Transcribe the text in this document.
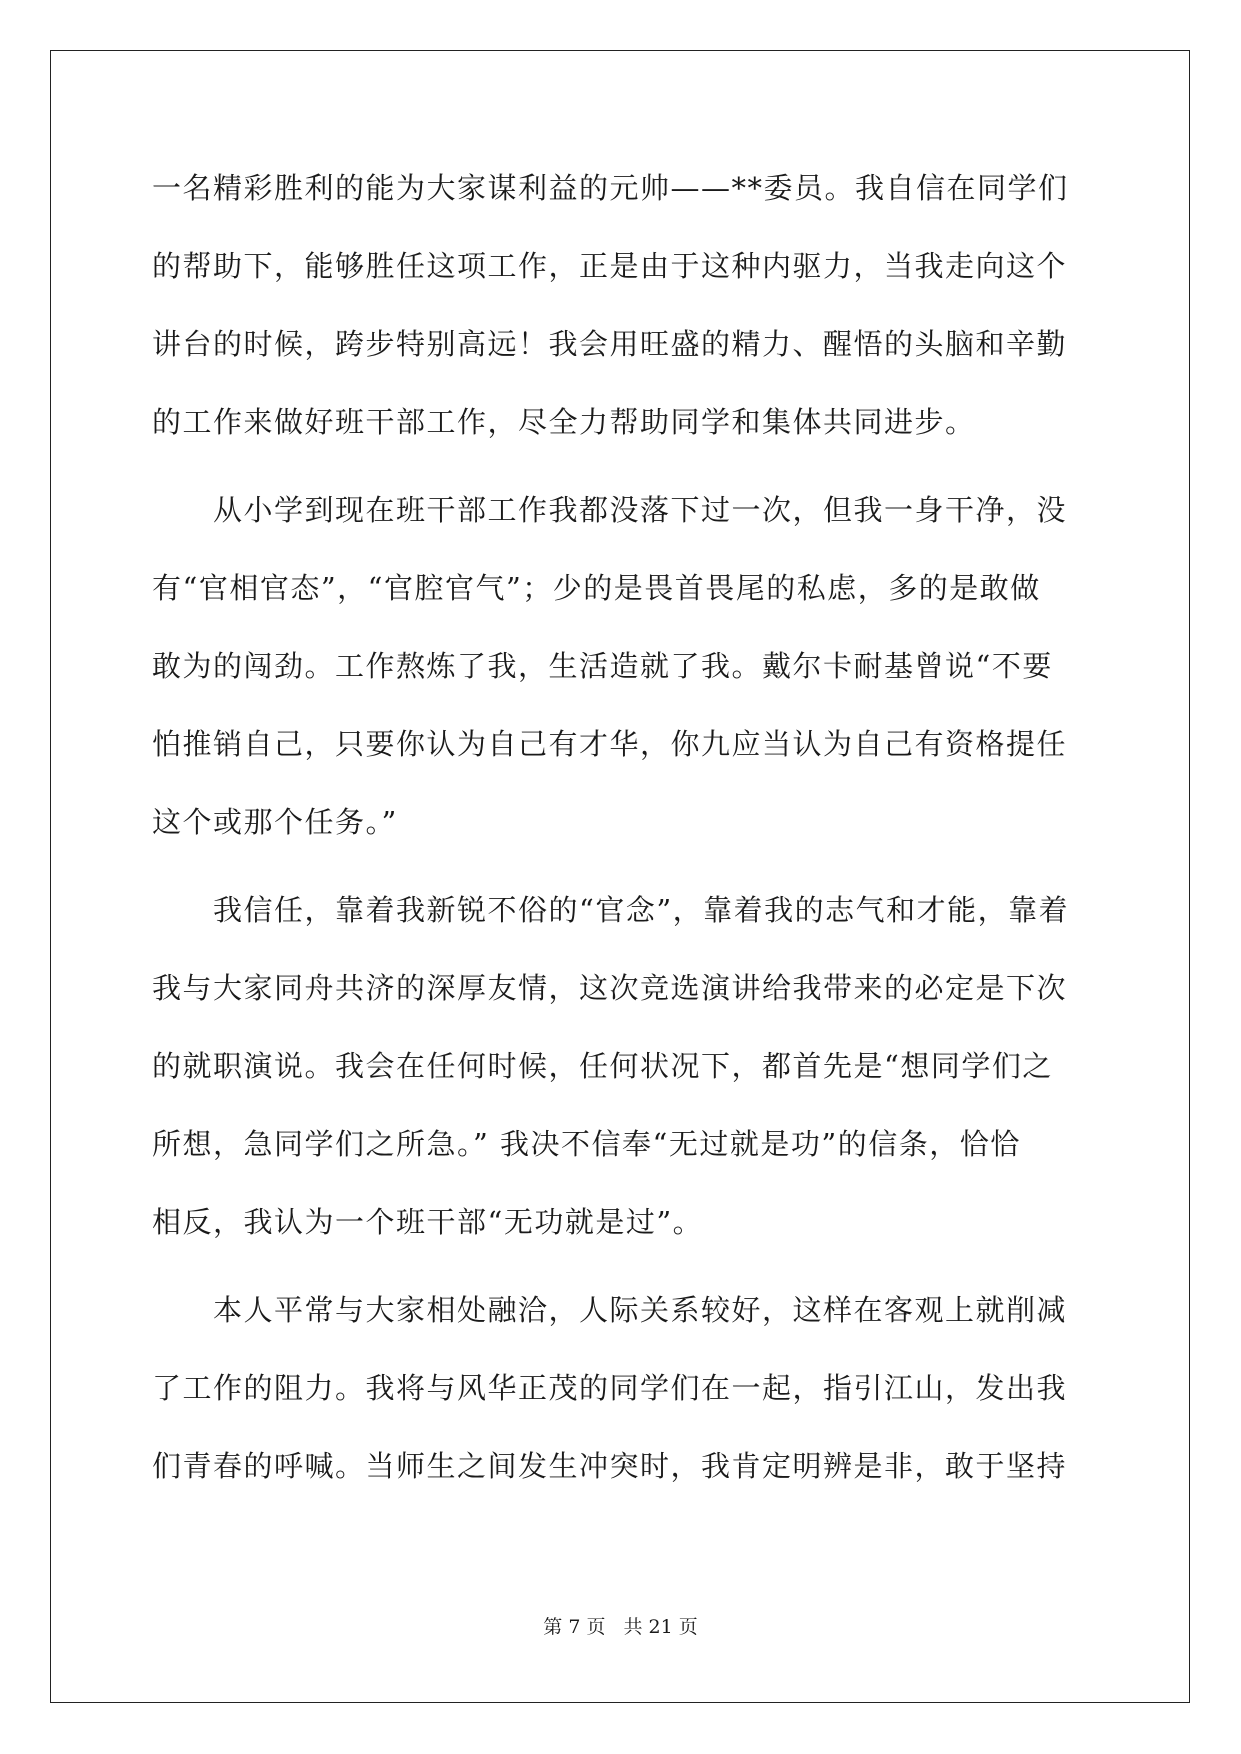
一名精彩胜利的能为大家谋利益的元帅——**委员。我自信在同学们
的帮助下，能够胜任这项工作，正是由于这种内驱力，当我走向这个
讲台的时候，跨步特别高远！我会用旺盛的精力、醒悟的头脑和辛勤
的工作来做好班干部工作，尽全力帮助同学和集体共同进步。
　　从小学到现在班干部工作我都没落下过一次，但我一身干净，没
有“官相官态”，“官腔官气”；少的是畏首畏尾的私虑，多的是敢做
敢为的闯劲。工作熬炼了我，生活造就了我。戴尔卡耐基曾说“不要
怕推销自己，只要你认为自己有才华，你九应当认为自己有资格提任
这个或那个任务。”
　　我信任，靠着我新锐不俗的“官念”，靠着我的志气和才能，靠着
我与大家同舟共济的深厚友情，这次竞选演讲给我带来的必定是下次
的就职演说。我会在任何时候，任何状况下，都首先是“想同学们之
所想，急同学们之所急。” 我决不信奉“无过就是功”的信条，恰恰
相反，我认为一个班干部“无功就是过”。
　　本人平常与大家相处融洽，人际关系较好，这样在客观上就削减
了工作的阻力。我将与风华正茂的同学们在一起，指引江山，发出我
们青春的呼喊。当师生之间发生冲突时，我肯定明辨是非，敢于坚持
第 7 页 共 21 页
